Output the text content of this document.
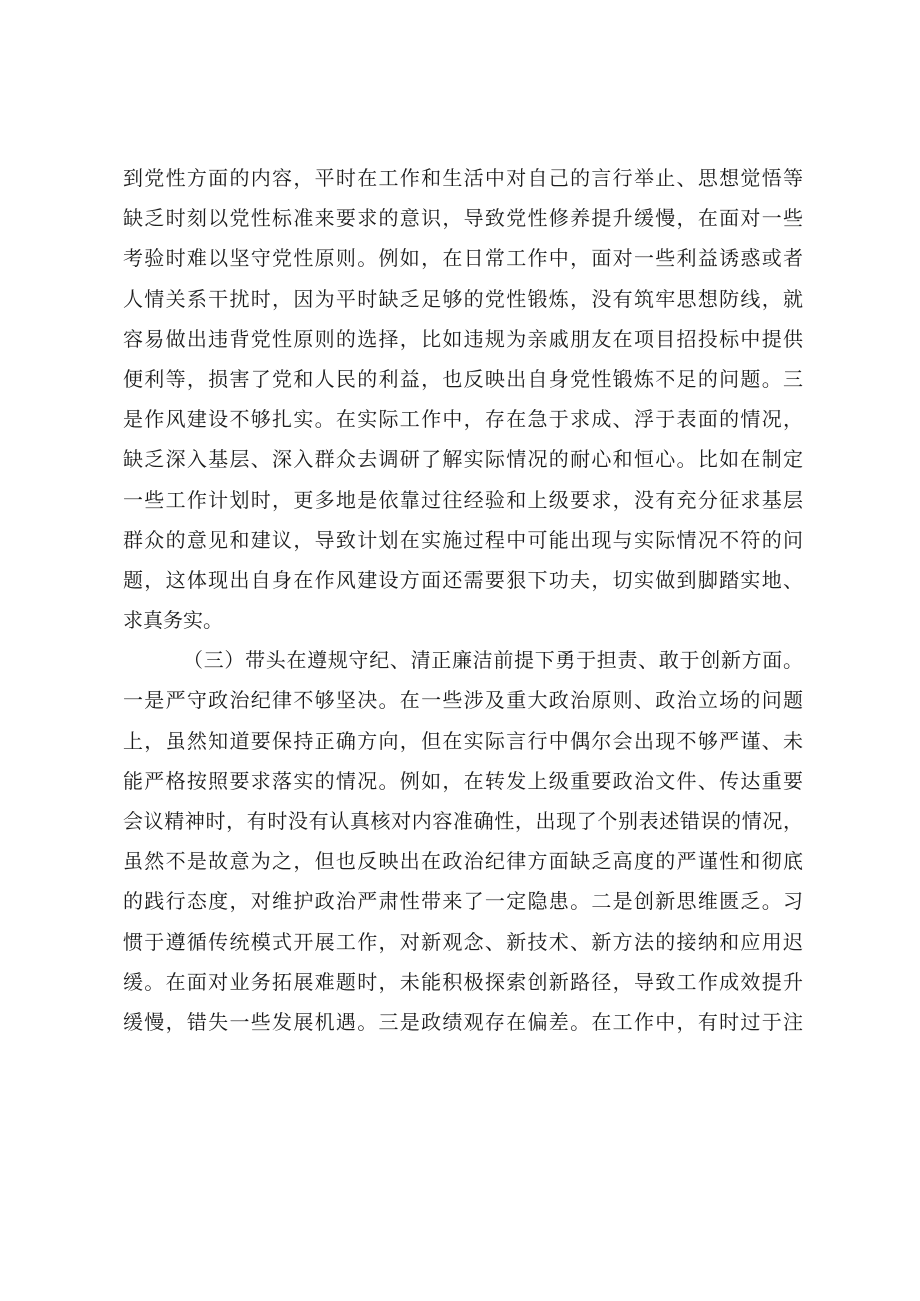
到党性方面的内容，平时在工作和生活中对自己的言行举止、思想觉悟等
缺乏时刻以党性标准来要求的意识，导致党性修养提升缓慢，在面对一些
考验时难以坚守党性原则。例如，在日常工作中，面对一些利益诱惑或者
人情关系干扰时，因为平时缺乏足够的党性锻炼，没有筑牢思想防线，就
容易做出违背党性原则的选择，比如违规为亲戚朋友在项目招投标中提供
便利等，损害了党和人民的利益，也反映出自身党性锻炼不足的问题。三
是作风建设不够扎实。在实际工作中，存在急于求成、浮于表面的情况，
缺乏深入基层、深入群众去调研了解实际情况的耐心和恒心。比如在制定
一些工作计划时，更多地是依靠过往经验和上级要求，没有充分征求基层
群众的意见和建议，导致计划在实施过程中可能出现与实际情况不符的问
题，这体现出自身在作风建设方面还需要狠下功夫，切实做到脚踏实地、
求真务实。
（三）带头在遵规守纪、清正廉洁前提下勇于担责、敢于创新方面。
一是严守政治纪律不够坚决。在一些涉及重大政治原则、政治立场的问题
上，虽然知道要保持正确方向，但在实际言行中偶尔会出现不够严谨、未
能严格按照要求落实的情况。例如，在转发上级重要政治文件、传达重要
会议精神时，有时没有认真核对内容准确性，出现了个别表述错误的情况，
虽然不是故意为之，但也反映出在政治纪律方面缺乏高度的严谨性和彻底
的践行态度，对维护政治严肃性带来了一定隐患。二是创新思维匮乏。习
惯于遵循传统模式开展工作，对新观念、新技术、新方法的接纳和应用迟
缓。在面对业务拓展难题时，未能积极探索创新路径，导致工作成效提升
缓慢，错失一些发展机遇。三是政绩观存在偏差。在工作中，有时过于注
